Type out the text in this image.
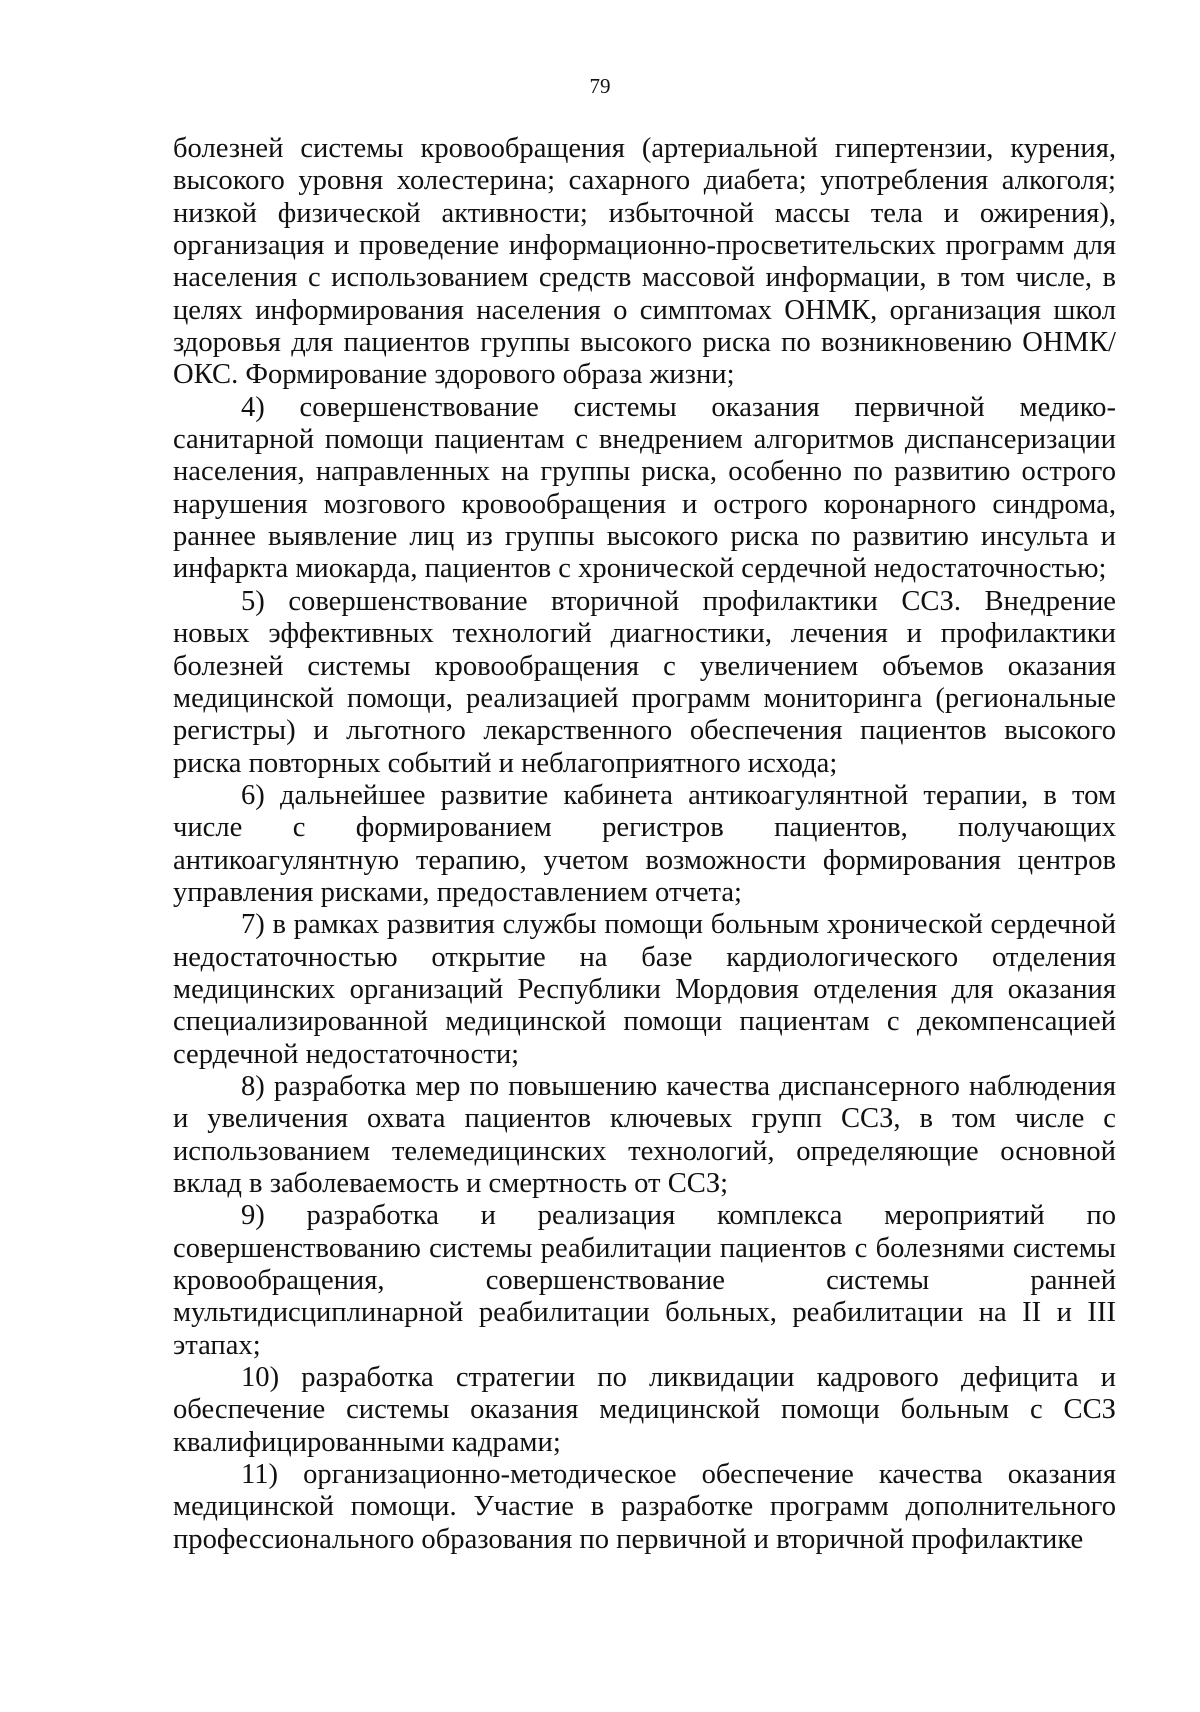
79

болезней системы кровообращения (артериальной гипертензии, курения, высокого уровня холестерина; сахарного диабета; употребления алкоголя; низкой физической активности; избыточной массы тела и ожирения), организация и проведение информационно-просветительских программ для населения с использованием средств массовой информации, в том числе, в целях информирования населения о симптомах ОНМК, организация школ здоровья для пациентов группы высокого риска по возникновению ОНМК/ОКС. Формирование здорового образа жизни;

4) совершенствование системы оказания первичной медико-санитарной помощи пациентам с внедрением алгоритмов диспансеризации населения, направленных на группы риска, особенно по развитию острого нарушения мозгового кровообращения и острого коронарного синдрома, раннее выявление лиц из группы высокого риска по развитию инсульта и инфаркта миокарда, пациентов с хронической сердечной недостаточностью;

5) совершенствование вторичной профилактики ССЗ. Внедрение новых эффективных технологий диагностики, лечения и профилактики болезней системы кровообращения с увеличением объемов оказания медицинской помощи, реализацией программ мониторинга (региональные регистры) и льготного лекарственного обеспечения пациентов высокого риска повторных событий и неблагоприятного исхода;

6) дальнейшее развитие кабинета антикоагулянтной терапии, в том числе с формированием регистров пациентов, получающих антикоагулянтную терапию, учетом возможности формирования центров управления рисками, предоставлением отчета;

7) в рамках развития службы помощи больным хронической сердечной недостаточностью открытие на базе кардиологического отделения медицинских организаций Республики Мордовия отделения для оказания специализированной медицинской помощи пациентам с декомпенсацией сердечной недостаточности;

8) разработка мер по повышению качества диспансерного наблюдения и увеличения охвата пациентов ключевых групп ССЗ, в том числе с использованием телемедицинских технологий, определяющие основной вклад в заболеваемость и смертность от ССЗ;

9) разработка и реализация комплекса мероприятий по совершенствованию системы реабилитации пациентов с болезнями системы кровообращения, совершенствование системы ранней мультидисциплинарной реабилитации больных, реабилитации на II и III этапах;

10) разработка стратегии по ликвидации кадрового дефицита и обеспечение системы оказания медицинской помощи больным с ССЗ квалифицированными кадрами;

11) организационно-методическое обеспечение качества оказания медицинской помощи. Участие в разработке программ дополнительного профессионального образования по первичной и вторичной профилактике
